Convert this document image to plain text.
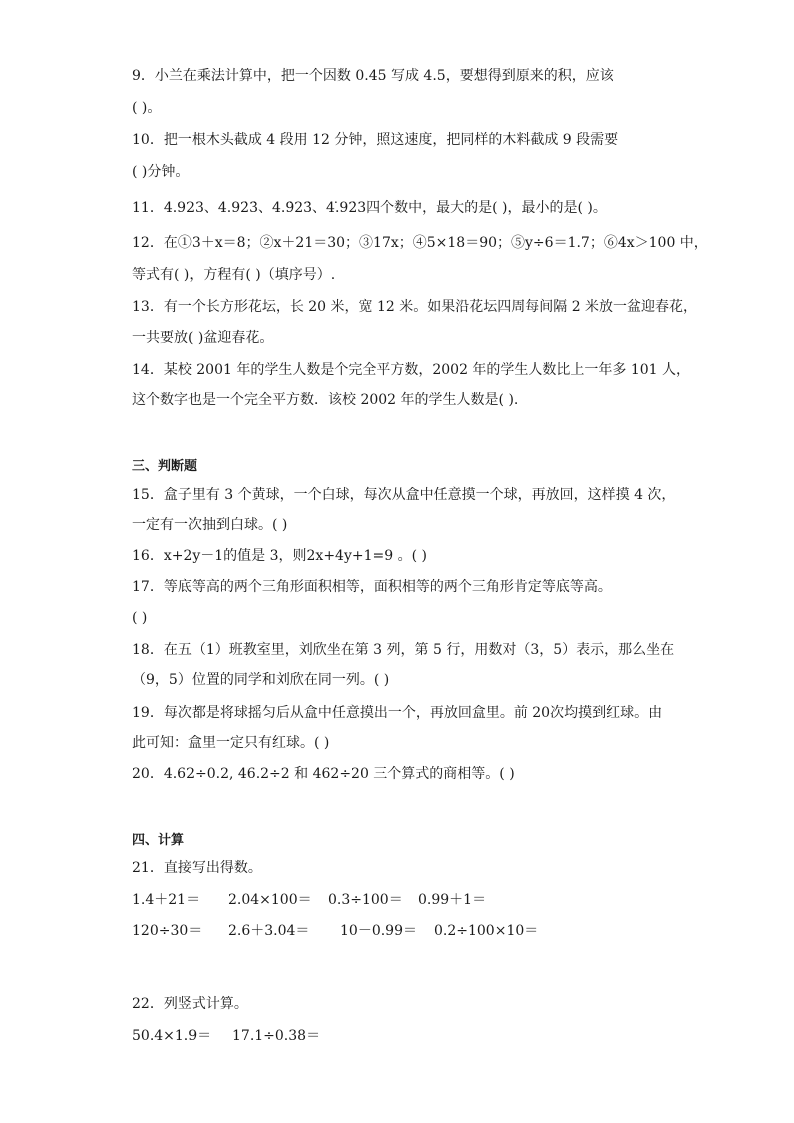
9．小兰在乘法计算中，把一个因数 0.45 写成 4.5，要想得到原来的积，应该
( )。
10．把一根木头截成 4 段用 12 分钟，照这速度，把同样的木料截成 9 段需要
( )分钟。
11．4.923、4.92̇3̇、4.9̇23̇、4.̇92̇3四个数中，最大的是( )，最小的是( )。
12．在①3＋x＝8；②x＋21＝30；③17x；④5×18＝90；⑤y÷6＝1.7；⑥4x＞100 中，
等式有( )，方程有( )（填序号）.
13．有一个长方形花坛，长 20 米，宽 12 米。如果沿花坛四周每间隔 2 米放一盆迎春花，
一共要放( )盆迎春花。
14．某校 2001 年的学生人数是个完全平方数，2002 年的学生人数比上一年多 101 人，
这个数字也是一个完全平方数．该校 2002 年的学生人数是( ).
三、判断题
15．盒子里有 3 个黄球，一个白球，每次从盒中任意摸一个球，再放回，这样摸 4 次，
一定有一次抽到白球。( )
16．x+2y－1的值是 3，则2x+4y+1=9 。( )
17．等底等高的两个三角形面积相等，面积相等的两个三角形肯定等底等高。
( )
18．在五（1）班教室里，刘欣坐在第 3 列，第 5 行，用数对（3，5）表示，那么坐在
（9，5）位置的同学和刘欣在同一列。( )
19．每次都是将球摇匀后从盒中任意摸出一个，再放回盒里。前 20次均摸到红球。由
此可知：盒里一定只有红球。( )
20．4.62÷0.2, 46.2÷2 和 462÷20 三个算式的商相等。( )
四、计算
21．直接写出得数。
1.4＋21＝ 2.04×100＝ 0.3÷100＝ 0.99＋1＝
120÷30＝ 2.6＋3.04＝ 10－0.99＝ 0.2÷100×10＝
22．列竖式计算。
50.4×1.9＝ 17.1÷0.38＝
